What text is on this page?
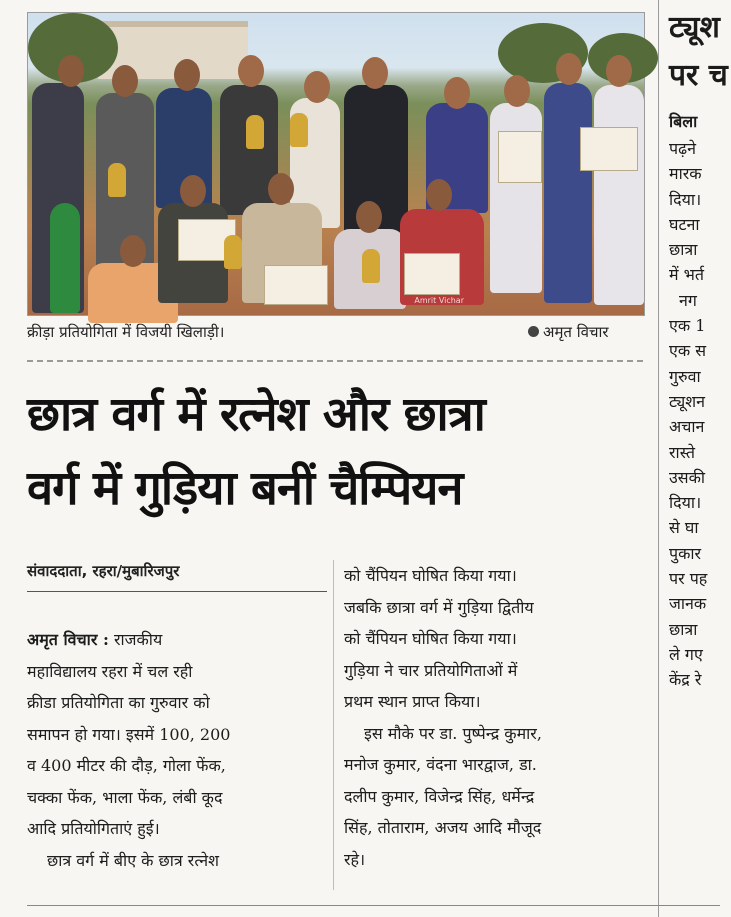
Amrit Vichar
क्रीड़ा प्रतियोगिता में विजयी खिलाड़ी।	अमृत विचार
छात्र वर्ग में रत्नेश और छात्रा
वर्ग में गुड़िया बनीं चैम्पियन
संवाददाता, रहरा/मुबारिजपुर
अमृत विचार : राजकीय
महाविद्यालय रहरा में चल रही
क्रीडा प्रतियोगिता का गुरुवार को
समापन हो गया। इसमें 100, 200
व 400 मीटर की दौड़, गोला फेंक,
चक्का फेंक, भाला फेंक, लंबी कूद
आदि प्रतियोगिताएं हुई।
छात्र वर्ग में बीए के छात्र रत्नेश
को चैंपियन घोषित किया गया।
जबकि छात्रा वर्ग में गुड़िया द्वितीय
को चैंपियन घोषित किया गया।
गुड़िया ने चार प्रतियोगिताओं में
प्रथम स्थान प्राप्त किया।
इस मौके पर डा. पुष्पेन्द्र कुमार,
मनोज कुमार, वंदना भारद्वाज, डा.
दलीप कुमार, विजेन्द्र सिंह, धर्मेन्द्र
सिंह, तोताराम, अजय आदि मौजूद
रहे।
ट्यूश
पर च
बिला
पढ़ने
मारक
दिया।
घटना
छात्रा
में भर्त
नग
एक 1
एक स
गुरुवा
ट्यूशन
अचान
रास्ते
उसकी
दिया।
से घा
पुकार
पर पह
जानक
छात्रा
ले गए
केंद्र रे
